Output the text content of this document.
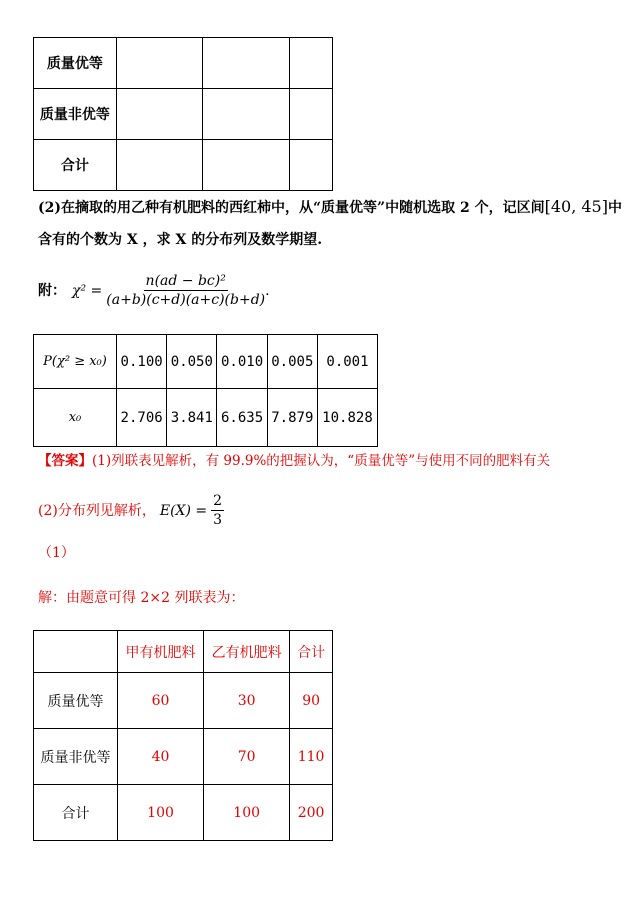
质量优等			
质量非优等			
合计			
(2)在摘取的用乙种有机肥料的西红柿中，从“质量优等”中随机选取 2 个，记区间[40, 45]中
含有的个数为 X ，求 X 的分布列及数学期望.
附： $\chi^2 = \frac{\text{n(ad − bc)²}}{(a+b)(c+d)(a+c)(b+d)}$ .
P(χ² ≥ x₀)	0.100	0.050	0.010	0.005	0.001
x₀	2.706	3.841	6.635	7.879	10.828
【答案】(1)列联表见解析，有 99.9%的把握认为，“质量优等”与使用不同的肥料有关
(2)分布列见解析， $E(X) = \frac{2}{3}$
（1）
解：由题意可得 2×2 列联表为：
	甲有机肥料	乙有机肥料	合计
质量优等	60	30	90
质量非优等	40	70	110
合计	100	100	200
